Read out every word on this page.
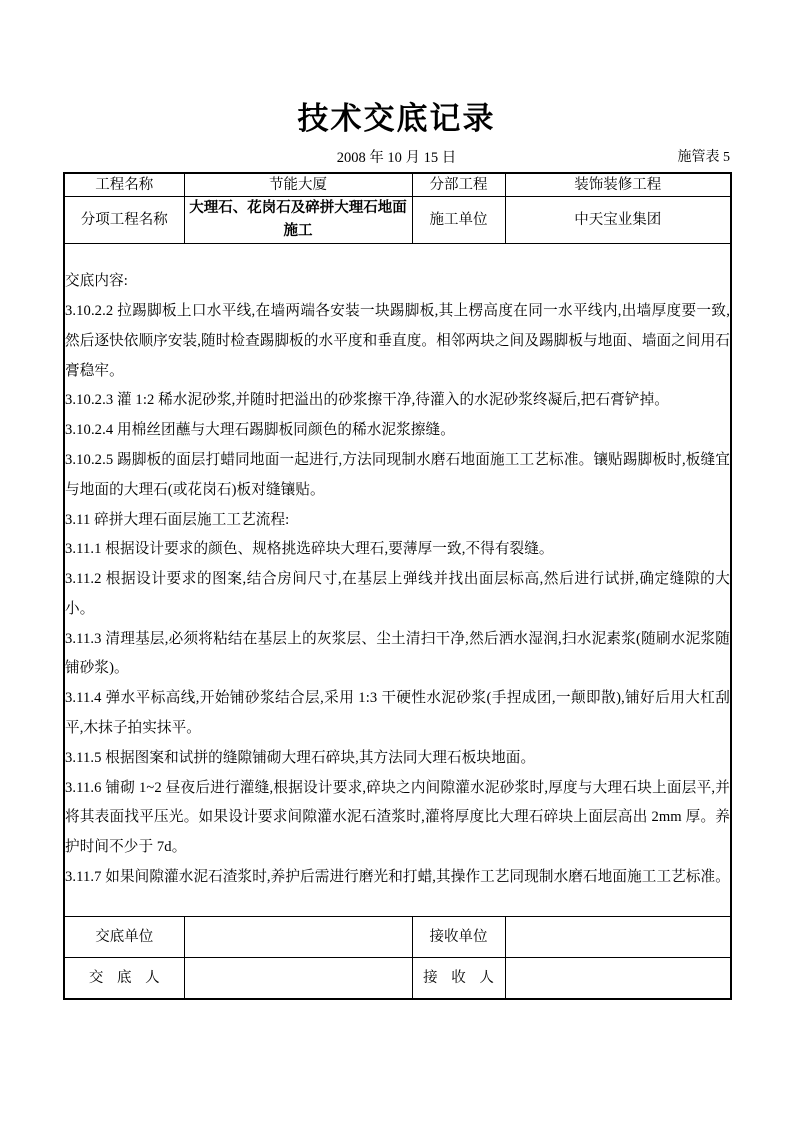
技术交底记录
2008 年 10 月 15 日	施管表 5
工程名称	节能大厦	分部工程	装饰装修工程
分项工程名称	大理石、花岗石及碎拼大理石地面施工	施工单位	中天宝业集团

交底内容:

3.10.2.2 拉踢脚板上口水平线,在墙两端各安装一块踢脚板,其上楞高度在同一水平线内,出墙厚度要一致,然后逐快依顺序安装,随时检查踢脚板的水平度和垂直度。相邻两块之间及踢脚板与地面、墙面之间用石膏稳牢。

3.10.2.3 灌 1:2 稀水泥砂浆,并随时把溢出的砂浆擦干净,待灌入的水泥砂浆终凝后,把石膏铲掉。

3.10.2.4 用棉丝团蘸与大理石踢脚板同颜色的稀水泥浆擦缝。

3.10.2.5 踢脚板的面层打蜡同地面一起进行,方法同现制水磨石地面施工工艺标准。镶贴踢脚板时,板缝宜与地面的大理石(或花岗石)板对缝镶贴。

3.11 碎拼大理石面层施工工艺流程:

3.11.1 根据设计要求的颜色、规格挑选碎块大理石,要薄厚一致,不得有裂缝。

3.11.2 根据设计要求的图案,结合房间尺寸,在基层上弹线并找出面层标高,然后进行试拼,确定缝隙的大小。

3.11.3 清理基层,必须将粘结在基层上的灰浆层、尘土清扫干净,然后洒水湿润,扫水泥素浆(随刷水泥浆随铺砂浆)。

3.11.4 弹水平标高线,开始铺砂浆结合层,采用 1:3 干硬性水泥砂浆(手捏成团,一颠即散),铺好后用大杠刮平,木抹子拍实抹平。

3.11.5 根据图案和试拼的缝隙铺砌大理石碎块,其方法同大理石板块地面。

3.11.6 铺砌 1~2 昼夜后进行灌缝,根据设计要求,碎块之内间隙灌水泥砂浆时,厚度与大理石块上面层平,并将其表面找平压光。如果设计要求间隙灌水泥石渣浆时,灌将厚度比大理石碎块上面层高出 2mm 厚。养护时间不少于 7d。

3.11.7 如果间隙灌水泥石渣浆时,养护后需进行磨光和打蜡,其操作工艺同现制水磨石地面施工工艺标准。

交底单位		接收单位	
交 底 人		接 收 人	
